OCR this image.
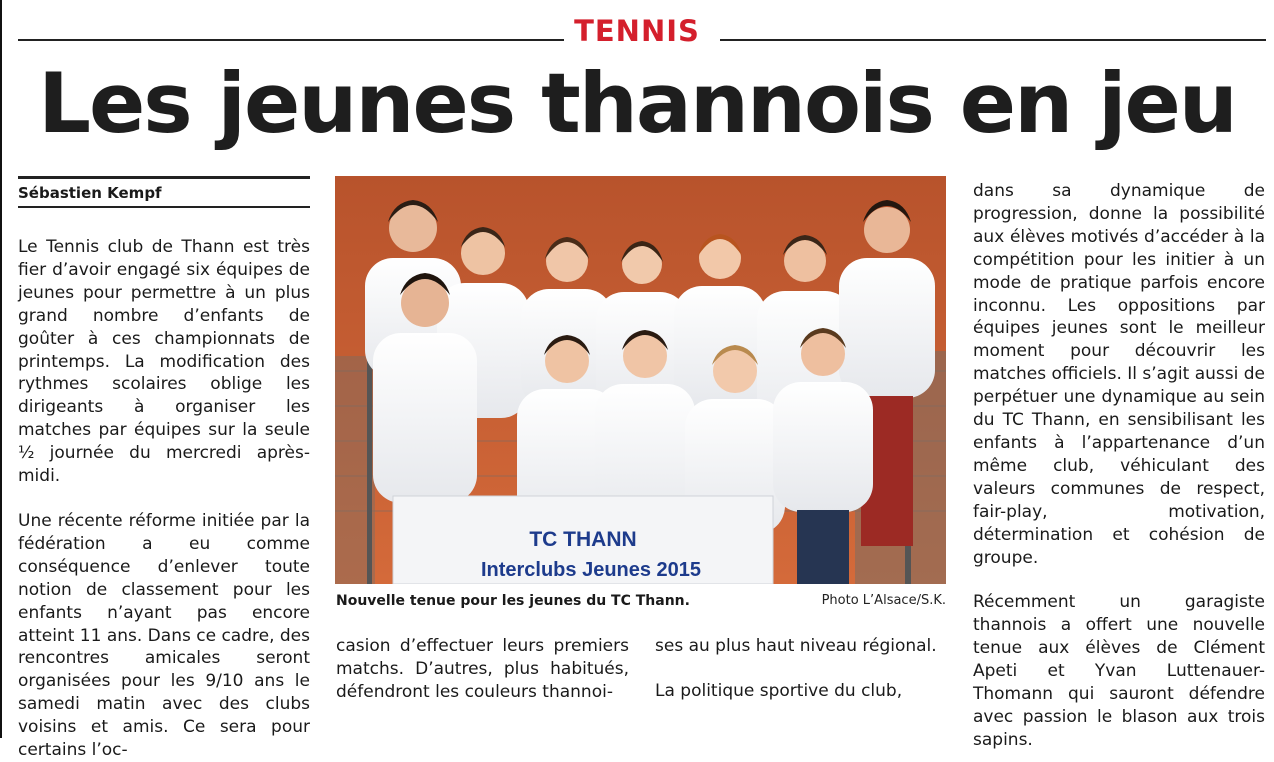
TENNIS
Les jeunes thannois en jeu
Sébastien Kempf

Le Tennis club de Thann est très fier d’avoir engagé six équipes de jeunes pour permettre à un plus grand nombre d’enfants de goûter à ces championnats de printemps. La modification des rythmes scolaires oblige les dirigeants à organiser les matches par équipes sur la seule ½ journée du mercredi après-midi.

Une récente réforme initiée par la fédération a eu comme conséquence d’enlever toute notion de classement pour les enfants n’ayant pas encore atteint 11 ans. Dans ce cadre, des rencontres amicales seront organisées pour les 9/10 ans le samedi matin avec des clubs voisins et amis. Ce sera pour certains l’oc-

TC THANN
Interclubs Jeunes 2015
Nouvelle tenue pour les jeunes du TC Thann.	Photo L’Alsace/S.K.

casion d’effectuer leurs premiers matchs. D’autres, plus habitués, défendront les couleurs thannoi-

ses au plus haut niveau régional.

La politique sportive du club,

dans sa dynamique de progression, donne la possibilité aux élèves motivés d’accéder à la compétition pour les initier à un mode de pratique parfois encore inconnu. Les oppositions par équipes jeunes sont le meilleur moment pour découvrir les matches officiels. Il s’agit aussi de perpétuer une dynamique au sein du TC Thann, en sensibilisant les enfants à l’appartenance d’un même club, véhiculant des valeurs communes de respect, fair-play, motivation, détermination et cohésion de groupe.

Récemment un garagiste thannois a offert une nouvelle tenue aux élèves de Clément Apeti et Yvan Luttenauer-Thomann qui sauront défendre avec passion le blason aux trois sapins.
